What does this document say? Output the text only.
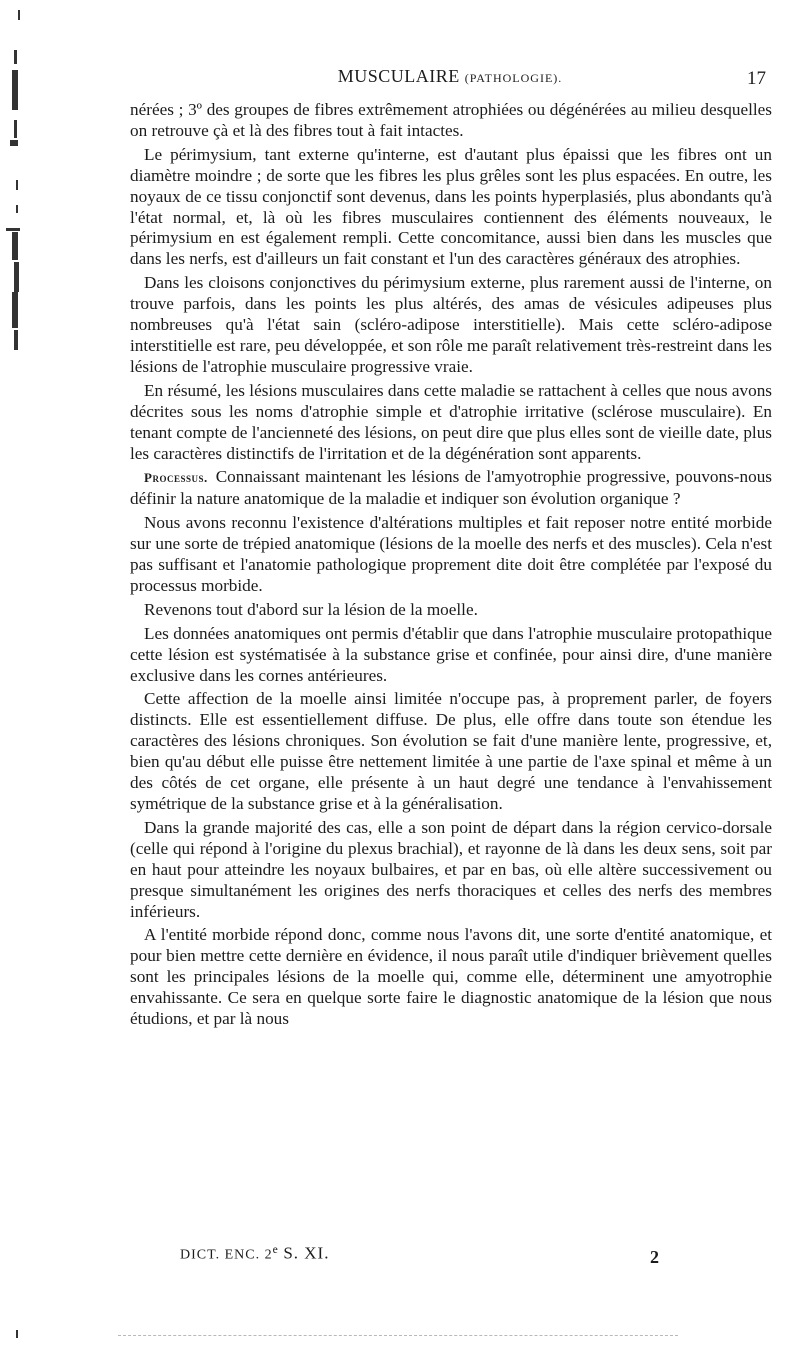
MUSCULAIRE (PATHOLOGIE).	17

nérées ; 3º des groupes de fibres extrêmement atrophiées ou dégénérées au milieu desquelles on retrouve çà et là des fibres tout à fait intactes.

Le périmysium, tant externe qu'interne, est d'autant plus épaissi que les fibres ont un diamètre moindre ; de sorte que les fibres les plus grêles sont les plus espacées. En outre, les noyaux de ce tissu conjonctif sont devenus, dans les points hyperplasiés, plus abondants qu'à l'état normal, et, là où les fibres musculaires contiennent des éléments nouveaux, le périmysium en est également rempli. Cette concomitance, aussi bien dans les muscles que dans les nerfs, est d'ailleurs un fait constant et l'un des caractères généraux des atrophies.

Dans les cloisons conjonctives du périmysium externe, plus rarement aussi de l'interne, on trouve parfois, dans les points les plus altérés, des amas de vésicules adipeuses plus nombreuses qu'à l'état sain (scléro-adipose interstitielle). Mais cette scléro-adipose interstitielle est rare, peu développée, et son rôle me paraît relativement très-restreint dans les lésions de l'atrophie musculaire progressive vraie.

En résumé, les lésions musculaires dans cette maladie se rattachent à celles que nous avons décrites sous les noms d'atrophie simple et d'atrophie irritative (sclérose musculaire). En tenant compte de l'ancienneté des lésions, on peut dire que plus elles sont de vieille date, plus les caractères distinctifs de l'irritation et de la dégénération sont apparents.

Processus. Connaissant maintenant les lésions de l'amyotrophie progressive, pouvons-nous définir la nature anatomique de la maladie et indiquer son évolution organique ?

Nous avons reconnu l'existence d'altérations multiples et fait reposer notre entité morbide sur une sorte de trépied anatomique (lésions de la moelle des nerfs et des muscles). Cela n'est pas suffisant et l'anatomie pathologique proprement dite doit être complétée par l'exposé du processus morbide.

Revenons tout d'abord sur la lésion de la moelle.

Les données anatomiques ont permis d'établir que dans l'atrophie musculaire protopathique cette lésion est systématisée à la substance grise et confinée, pour ainsi dire, d'une manière exclusive dans les cornes antérieures.

Cette affection de la moelle ainsi limitée n'occupe pas, à proprement parler, de foyers distincts. Elle est essentiellement diffuse. De plus, elle offre dans toute son étendue les caractères des lésions chroniques. Son évolution se fait d'une manière lente, progressive, et, bien qu'au début elle puisse être nettement limitée à une partie de l'axe spinal et même à un des côtés de cet organe, elle présente à un haut degré une tendance à l'envahissement symétrique de la substance grise et à la généralisation.

Dans la grande majorité des cas, elle a son point de départ dans la région cervico-dorsale (celle qui répond à l'origine du plexus brachial), et rayonne de là dans les deux sens, soit par en haut pour atteindre les noyaux bulbaires, et par en bas, où elle altère successivement ou presque simultanément les origines des nerfs thoraciques et celles des nerfs des membres inférieurs.

A l'entité morbide répond donc, comme nous l'avons dit, une sorte d'entité anatomique, et pour bien mettre cette dernière en évidence, il nous paraît utile d'indiquer brièvement quelles sont les principales lésions de la moelle qui, comme elle, déterminent une amyotrophie envahissante. Ce sera en quelque sorte faire le diagnostic anatomique de la lésion que nous étudions, et par là nous

DICT. ENC. 2e S. XI.	2
